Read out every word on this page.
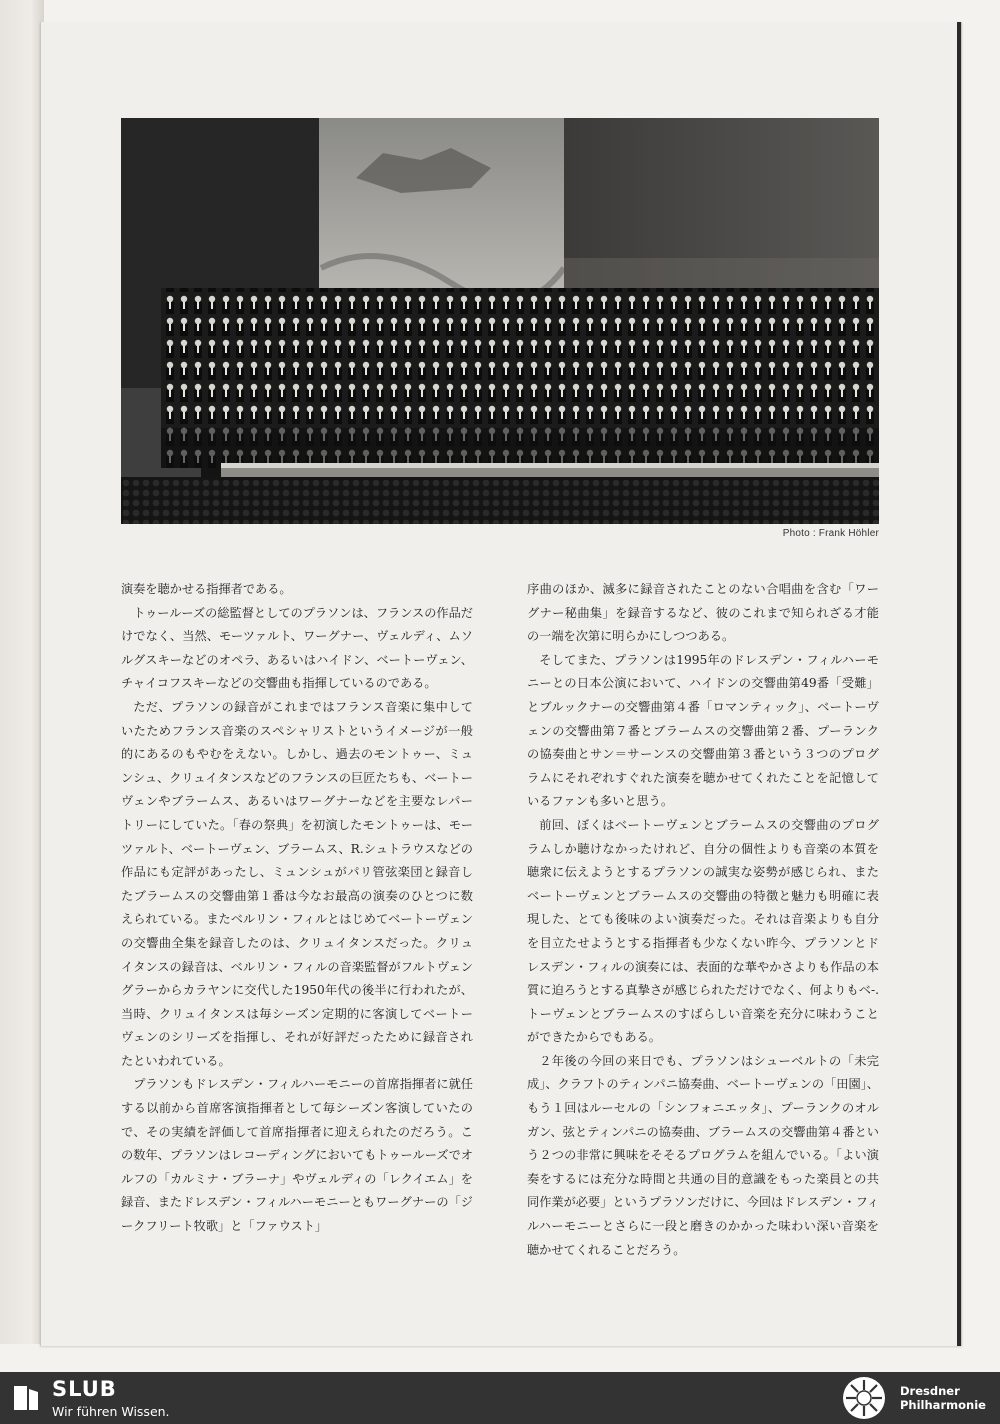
Photo : Frank Höhler

演奏を聴かせる指揮者である。

トゥールーズの総監督としてのプラソンは、フランスの作品だけでなく、当然、モーツァルト、ワーグナー、ヴェルディ、ムソルグスキーなどのオペラ、あるいはハイドン、ベートーヴェン、チャイコフスキーなどの交響曲も指揮しているのである。

ただ、プラソンの録音がこれまではフランス音楽に集中していたためフランス音楽のスペシャリストというイメージが一般的にあるのもやむをえない。しかし、過去のモントゥー、ミュンシュ、クリュイタンスなどのフランスの巨匠たちも、ベートーヴェンやブラームス、あるいはワーグナーなどを主要なレパートリーにしていた。「春の祭典」を初演したモントゥーは、モーツァルト、ベートーヴェン、ブラームス、R.シュトラウスなどの作品にも定評があったし、ミュンシュがパリ管弦楽団と録音したブラームスの交響曲第１番は今なお最高の演奏のひとつに数えられている。またベルリン・フィルとはじめてベートーヴェンの交響曲全集を録音したのは、クリュイタンスだった。クリュイタンスの録音は、ベルリン・フィルの音楽監督がフルトヴェングラーからカラヤンに交代した1950年代の後半に行われたが、当時、クリュイタンスは毎シーズン定期的に客演してベートーヴェンのシリーズを指揮し、それが好評だったために録音されたといわれている。

プラソンもドレスデン・フィルハーモニーの首席指揮者に就任する以前から首席客演指揮者として毎シーズン客演していたので、その実績を評価して首席指揮者に迎えられたのだろう。この数年、プラソンはレコーディングにおいてもトゥールーズでオルフの「カルミナ・ブラーナ」やヴェルディの「レクイエム」を録音、またドレスデン・フィルハーモニーともワーグナーの「ジークフリート牧歌」と「ファウスト」

序曲のほか、滅多に録音されたことのない合唱曲を含む「ワーグナー秘曲集」を録音するなど、彼のこれまで知られざる才能の一端を次第に明らかにしつつある。

そしてまた、プラソンは1995年のドレスデン・フィルハーモニーとの日本公演において、ハイドンの交響曲第49番「受難」とブルックナーの交響曲第４番「ロマンティック」、ベートーヴェンの交響曲第７番とブラームスの交響曲第２番、プーランクの協奏曲とサン＝サーンスの交響曲第３番という３つのプログラムにそれぞれすぐれた演奏を聴かせてくれたことを記憶しているファンも多いと思う。

前回、ぼくはベートーヴェンとブラームスの交響曲のプログラムしか聴けなかったけれど、自分の個性よりも音楽の本質を聴衆に伝えようとするプラソンの誠実な姿勢が感じられ、またベートーヴェンとブラームスの交響曲の特徴と魅力も明確に表現した、とても後味のよい演奏だった。それは音楽よりも自分を目立たせようとする指揮者も少なくない昨今、プラソンとドレスデン・フィルの演奏には、表面的な華やかさよりも作品の本質に迫ろうとする真摯さが感じられただけでなく、何よりもベ-.トーヴェンとブラームスのすばらしい音楽を充分に味わうことができたからでもある。

２年後の今回の来日でも、プラソンはシューベルトの「未完成」、クラフトのティンパニ協奏曲、ベートーヴェンの「田園」、もう１回はルーセルの「シンフォニエッタ」、プーランクのオルガン、弦とティンパニの協奏曲、ブラームスの交響曲第４番という２つの非常に興味をそそるプログラムを組んでいる。「よい演奏をするには充分な時間と共通の目的意識をもった楽員との共同作業が必要」というプラソンだけに、今回はドレスデン・フィルハーモニーとさらに一段と磨きのかかった味わい深い音楽を聴かせてくれることだろう。

SLUB
Wir führen Wissen.
Dresdner
Philharmonie
